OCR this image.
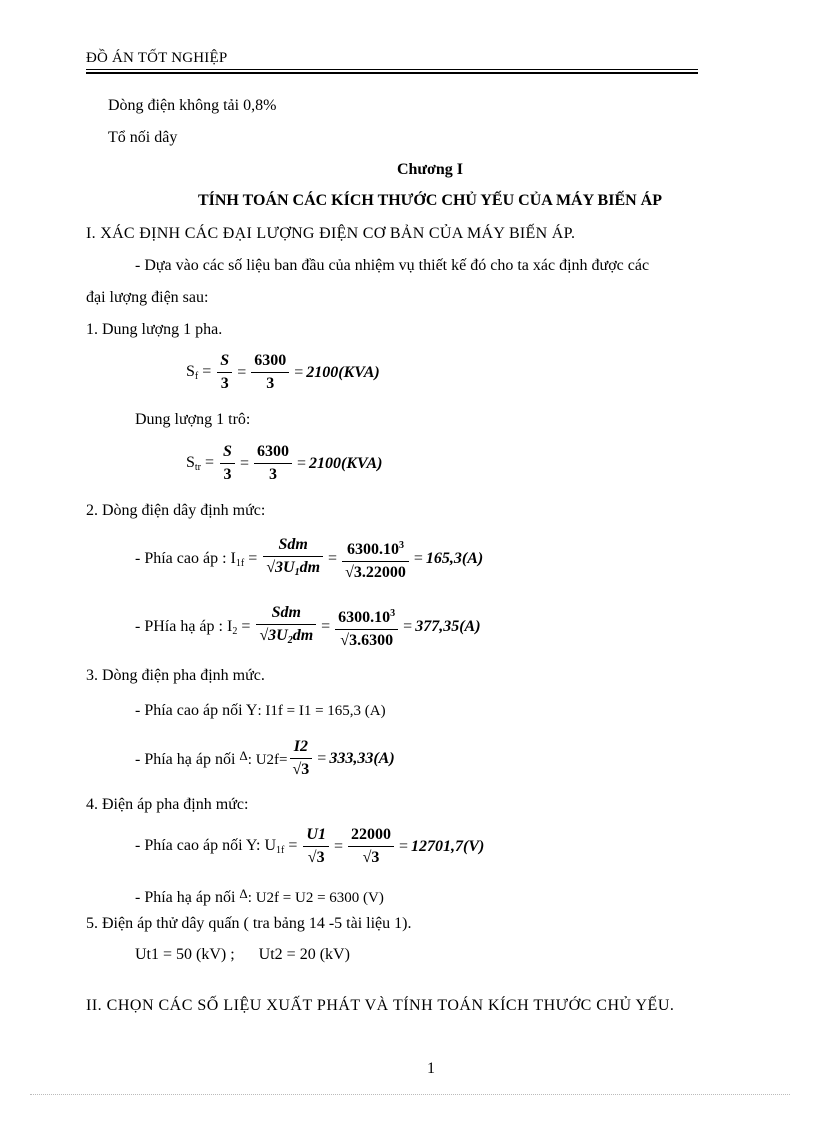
ĐỒ ÁN TỐT NGHIỆP
Dòng điện không tải 0,8%
Tổ nối dây
Chương I
TÍNH TOÁN CÁC KÍCH THƯỚC CHỦ YẾU CỦA MÁY BIẾN ÁP
I. XÁC ĐỊNH CÁC ĐẠI LƯỢNG ĐIỆN CƠ BẢN CỦA MÁY BIẾN ÁP.
- Dựa vào các số liệu ban đầu của nhiệm vụ thiết kế đó cho ta xác định được các
đại lượng điện sau:
1. Dung lượng 1 pha.
$S_f = \frac{S}{3} = \frac{6300}{3} = 2100(KVA)$
Dung lượng 1 trô:
$S_{tr} = \frac{S}{3} = \frac{6300}{3} = 2100(KVA)$
2. Dòng điện dây định mức:
- Phía cao áp : $I_{1f} = \frac{\text{Sdm}}{√3U_1dm} = \frac{6300.10^3}{√3.22000} = 165,3(A)$
- PHía hạ áp : $I_2 = \frac{\text{Sdm}}{√3U_2dm} = \frac{6300.10^3}{√3.6300} = 377,35(A)$
3. Dòng điện pha định mức.
- Phía cao áp nối Y: I1f = I1 = 165,3 (A)
- Phía hạ áp nối $^\Delta$: $U2f= \frac{I2}{√3} = 333,33(A)$
4. Điện áp pha định mức:
- Phía cao áp nối Y: $U_{1f} = \frac{U1}{√3} = \frac{22000}{√3} = 12701,7(V)$
- Phía hạ áp nối $^\Delta$: U2f = U2 = 6300 (V)
5. Điện áp thử dây quấn ( tra bảng 14 -5 tài liệu 1).
Ut1 = 50 (kV) ;      Ut2 = 20 (kV)
II. CHỌN CÁC SỐ LIỆU XUẤT PHÁT VÀ TÍNH TOÁN KÍCH THƯỚC CHỦ YẾU.
1
